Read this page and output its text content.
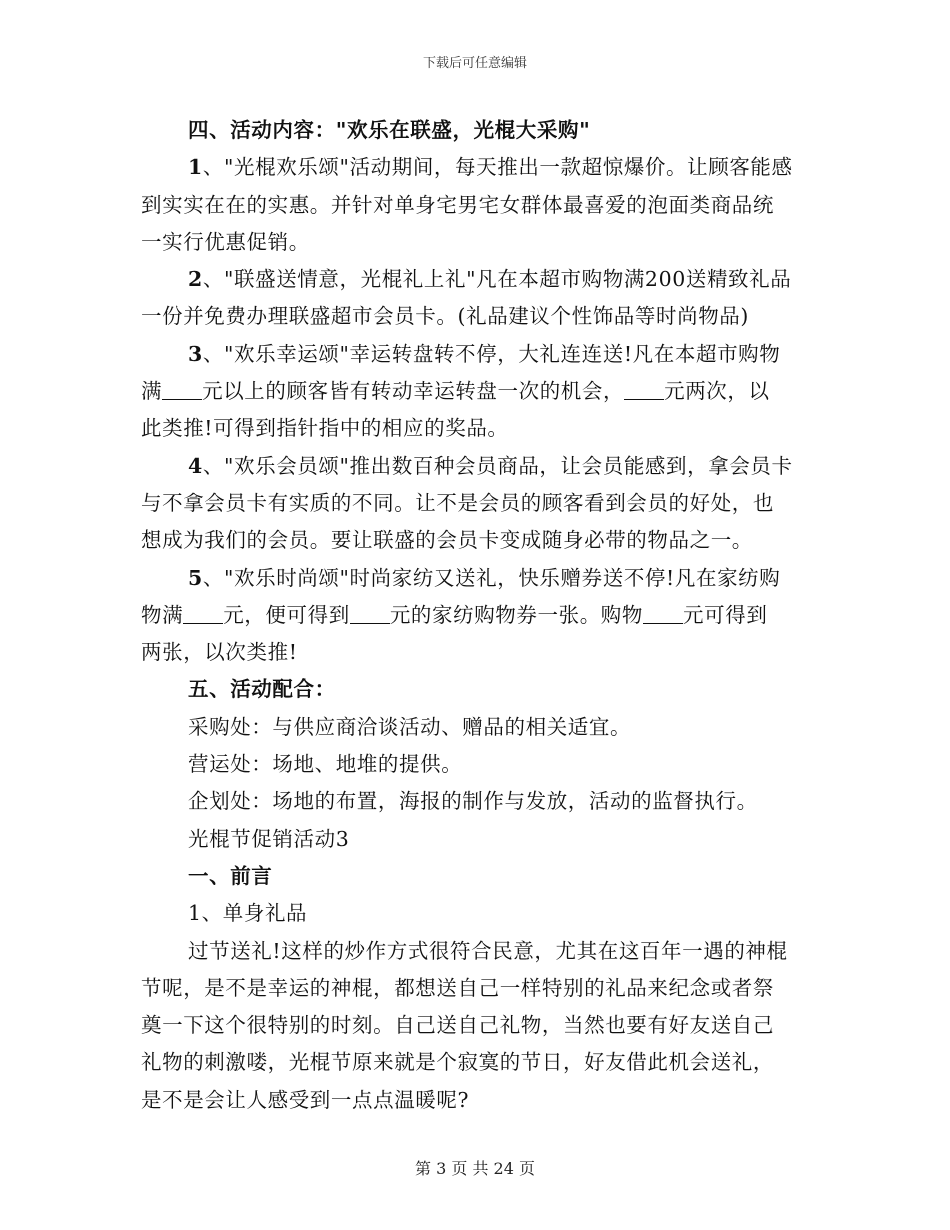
下载后可任意编辑
四、活动内容："欢乐在联盛，光棍大采购"
1、"光棍欢乐颂"活动期间，每天推出一款超惊爆价。让顾客能感
到实实在在的实惠。并针对单身宅男宅女群体最喜爱的泡面类商品统
一实行优惠促销。
2、"联盛送情意，光棍礼上礼"凡在本超市购物满200送精致礼品
一份并免费办理联盛超市会员卡。(礼品建议个性饰品等时尚物品)
3、"欢乐幸运颂"幸运转盘转不停，大礼连连送!凡在本超市购物
满 元以上的顾客皆有转动幸运转盘一次的机会， 元两次，以
此类推!可得到指针指中的相应的奖品。
4、"欢乐会员颂"推出数百种会员商品，让会员能感到，拿会员卡
与不拿会员卡有实质的不同。让不是会员的顾客看到会员的好处，也
想成为我们的会员。要让联盛的会员卡变成随身必带的物品之一。
5、"欢乐时尚颂"时尚家纺又送礼，快乐赠券送不停!凡在家纺购
物满 元，便可得到 元的家纺购物券一张。购物 元可得到
两张，以次类推!
五、活动配合：
采购处：与供应商洽谈活动、赠品的相关适宜。
营运处：场地、地堆的提供。
企划处：场地的布置，海报的制作与发放，活动的监督执行。
光棍节促销活动3
一、前言
1、单身礼品
过节送礼!这样的炒作方式很符合民意，尤其在这百年一遇的神棍
节呢，是不是幸运的神棍，都想送自己一样特别的礼品来纪念或者祭
奠一下这个很特别的时刻。自己送自己礼物，当然也要有好友送自己
礼物的刺激喽，光棍节原来就是个寂寞的节日，好友借此机会送礼，
是不是会让人感受到一点点温暖呢?
第 3 页 共 24 页
